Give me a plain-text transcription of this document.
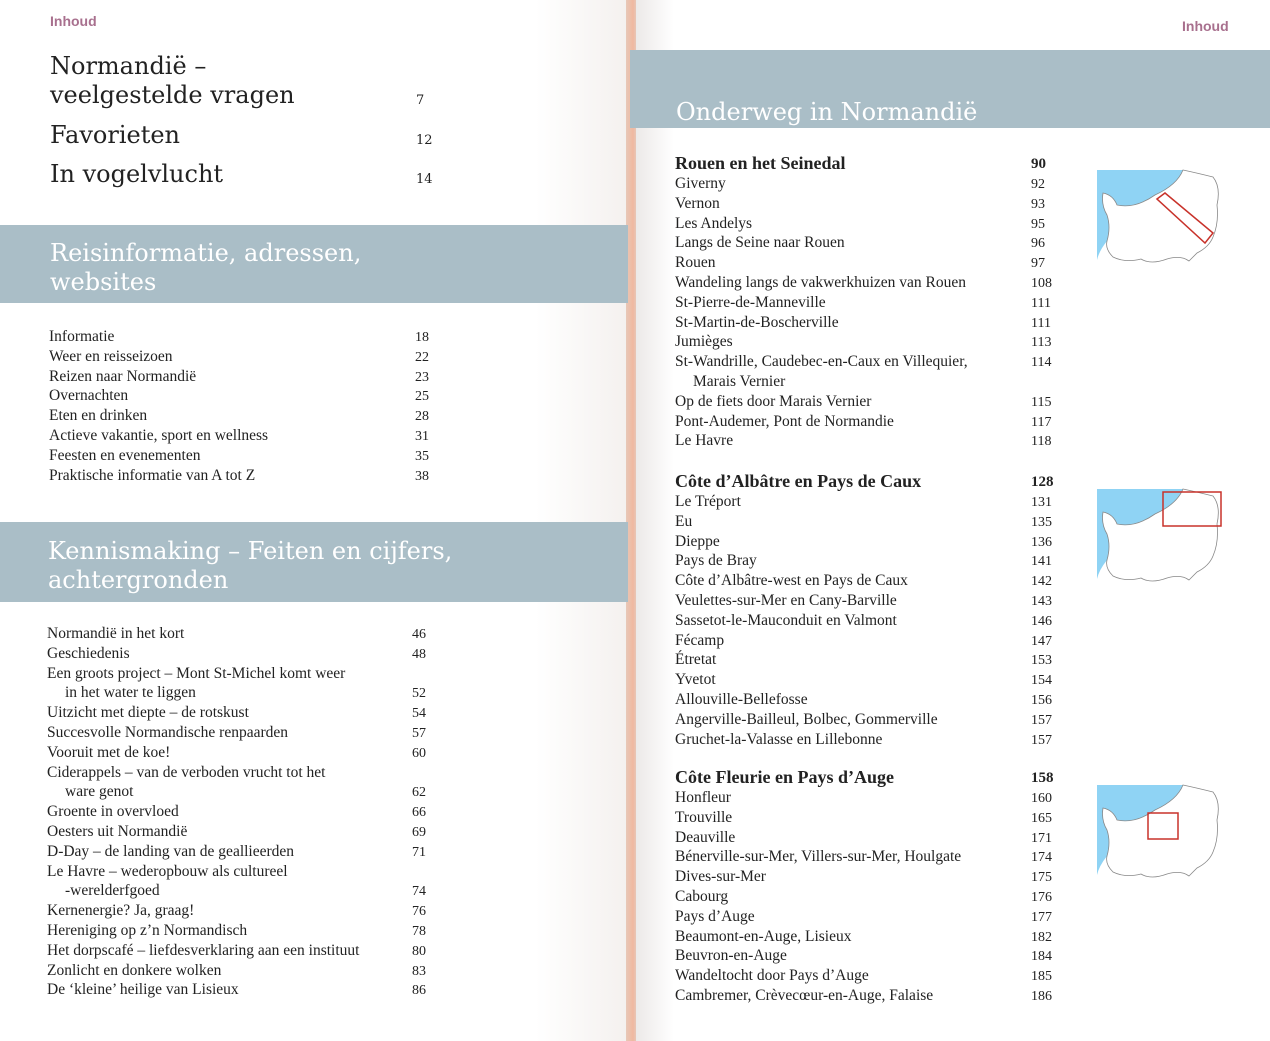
Inhoud	Inhoud
Normandië –
veelgestelde vragen	7
Favorieten	12
In vogelvlucht	14
Reisinformatie, adressen,
websites
Informatie	18
Weer en reisseizoen	22
Reizen naar Normandië	23
Overnachten	25
Eten en drinken	28
Actieve vakantie, sport en wellness	31
Feesten en evenementen	35
Praktische informatie van A tot Z	38
Kennismaking – Feiten en cijfers,
achtergronden
Normandië in het kort	46
Geschiedenis	48
Een groots project – Mont St-Michel komt weer
in het water te liggen	52
Uitzicht met diepte – de rotskust	54
Succesvolle Normandische renpaarden	57
Vooruit met de koe!	60
Ciderappels – van de verboden vrucht tot het
ware genot	62
Groente in overvloed	66
Oesters uit Normandië	69
D-Day – de landing van de geallieerden	71
Le Havre – wederopbouw als cultureel
-werelderfgoed	74
Kernenergie? Ja, graag!	76
Hereniging op z’n Normandisch	78
Het dorpscafé – liefdesverklaring aan een instituut	80
Zonlicht en donkere wolken	83
De ‘kleine’ heilige van Lisieux	86
Onderweg in Normandië
Rouen en het Seinedal	90
Giverny	92
Vernon	93
Les Andelys	95
Langs de Seine naar Rouen	96
Rouen	97
Wandeling langs de vakwerkhuizen van Rouen	108
St-Pierre-de-Manneville	111
St-Martin-de-Boscherville	111
Jumièges	113
St-Wandrille, Caudebec-en-Caux en Villequier,	114
Marais Vernier
Op de fiets door Marais Vernier	115
Pont-Audemer, Pont de Normandie	117
Le Havre	118
Côte d’Albâtre en Pays de Caux	128
Le Tréport	131
Eu	135
Dieppe	136
Pays de Bray	141
Côte d’Albâtre-west en Pays de Caux	142
Veulettes-sur-Mer en Cany-Barville	143
Sassetot-le-Mauconduit en Valmont	146
Fécamp	147
Étretat	153
Yvetot	154
Allouville-Bellefosse	156
Angerville-Bailleul, Bolbec, Gommerville	157
Gruchet-la-Valasse en Lillebonne	157
Côte Fleurie en Pays d’Auge	158
Honfleur	160
Trouville	165
Deauville	171
Bénerville-sur-Mer, Villers-sur-Mer, Houlgate	174
Dives-sur-Mer	175
Cabourg	176
Pays d’Auge	177
Beaumont-en-Auge, Lisieux	182
Beuvron-en-Auge	184
Wandeltocht door Pays d’Auge	185
Cambremer, Crèvecœur-en-Auge, Falaise	186
